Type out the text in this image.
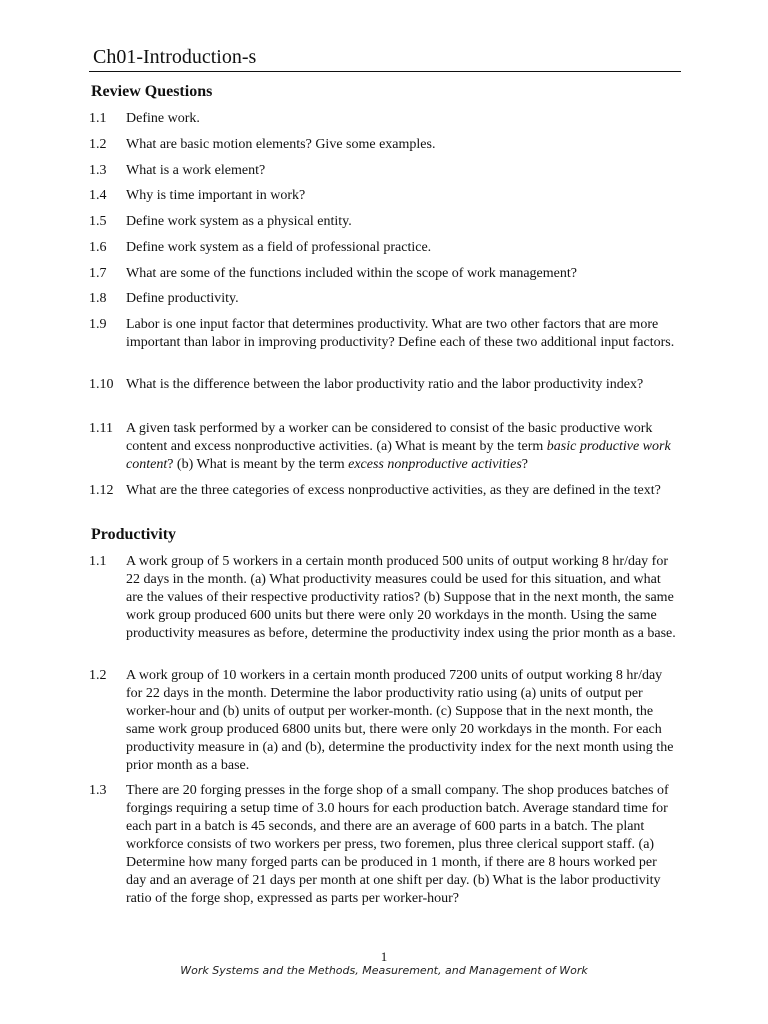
Ch01-Introduction-s
Review Questions
1.1	Define work.
1.2	What are basic motion elements? Give some examples.
1.3	What is a work element?
1.4	Why is time important in work?
1.5	Define work system as a physical entity.
1.6	Define work system as a field of professional practice.
1.7	What are some of the functions included within the scope of work management?
1.8	Define productivity.
1.9	Labor is one input factor that determines productivity. What are two other factors that are more important than labor in improving productivity? Define each of these two additional input factors.
1.10 What is the difference between the labor productivity ratio and the labor productivity index?
1.11 A given task performed by a worker can be considered to consist of the basic productive work content and excess nonproductive activities. (a) What is meant by the term basic productive work content? (b) What is meant by the term excess nonproductive activities?
1.12 What are the three categories of excess nonproductive activities, as they are defined in the text?
Productivity
1.1	A work group of 5 workers in a certain month produced 500 units of output working 8 hr/day for 22 days in the month. (a) What productivity measures could be used for this situation, and what are the values of their respective productivity ratios? (b) Suppose that in the next month, the same work group produced 600 units but there were only 20 workdays in the month. Using the same productivity measures as before, determine the productivity index using the prior month as a base.
1.2	A work group of 10 workers in a certain month produced 7200 units of output working 8 hr/day for 22 days in the month. Determine the labor productivity ratio using (a) units of output per worker-hour and (b) units of output per worker-month. (c) Suppose that in the next month, the same work group produced 6800 units but, there were only 20 workdays in the month. For each productivity measure in (a) and (b), determine the productivity index for the next month using the prior month as a base.
1.3	There are 20 forging presses in the forge shop of a small company. The shop produces batches of forgings requiring a setup time of 3.0 hours for each production batch. Average standard time for each part in a batch is 45 seconds, and there are an average of 600 parts in a batch. The plant workforce consists of two workers per press, two foremen, plus three clerical support staff. (a) Determine how many forged parts can be produced in 1 month, if there are 8 hours worked per day and an average of 21 days per month at one shift per day. (b) What is the labor productivity ratio of the forge shop, expressed as parts per worker-hour?
1
Work Systems and the Methods, Measurement, and Management of Work
